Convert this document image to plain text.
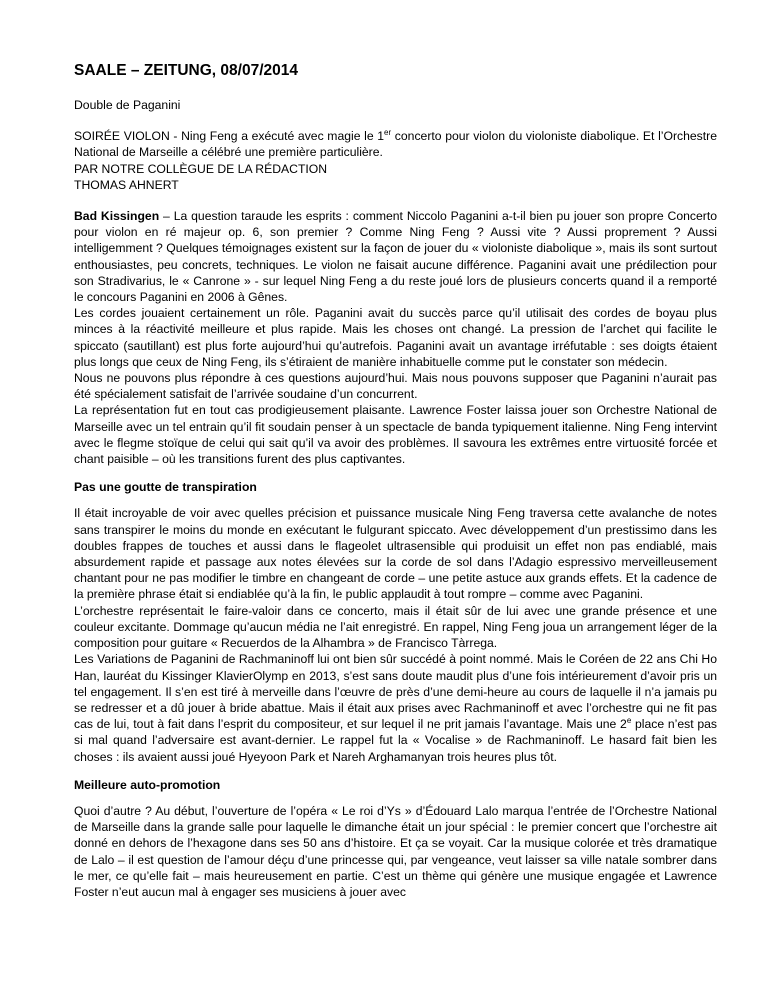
SAALE – ZEITUNG, 08/07/2014

Double de Paganini

SOIRÉE VIOLON - Ning Feng a exécuté avec magie le 1er concerto pour violon du violoniste diabolique. Et l’Orchestre National de Marseille a célébré une première particulière.

PAR NOTRE COLLÈGUE DE LA RÉDACTION

THOMAS AHNERT

Bad Kissingen – La question taraude les esprits : comment Niccolo Paganini a-t-il bien pu jouer son propre Concerto pour violon en ré majeur op. 6, son premier ? Comme Ning Feng ? Aussi vite ? Aussi proprement ? Aussi intelligemment ? Quelques témoignages existent sur la façon de jouer du « violoniste diabolique », mais ils sont surtout enthousiastes, peu concrets, techniques. Le violon ne faisait aucune différence. Paganini avait une prédilection pour son Stradivarius, le « Canrone » - sur lequel Ning Feng a du reste joué lors de plusieurs concerts quand il a remporté le concours Paganini en 2006 à Gênes.

Les cordes jouaient certainement un rôle. Paganini avait du succès parce qu’il utilisait des cordes de boyau plus minces à la réactivité meilleure et plus rapide. Mais les choses ont changé. La pression de l’archet qui facilite le spiccato (sautillant) est plus forte aujourd’hui qu’autrefois. Paganini avait un avantage irréfutable : ses doigts étaient plus longs que ceux de Ning Feng, ils s’étiraient de manière inhabituelle comme put le constater son médecin.

Nous ne pouvons plus répondre à ces questions aujourd’hui. Mais nous pouvons supposer que Paganini n’aurait pas été spécialement satisfait de l’arrivée soudaine d’un concurrent.

La représentation fut en tout cas prodigieusement plaisante. Lawrence Foster laissa jouer son Orchestre National de Marseille avec un tel entrain qu’il fit soudain penser à un spectacle de banda typiquement italienne. Ning Feng intervint avec le flegme stoïque de celui qui sait qu’il va avoir des problèmes. Il savoura les extrêmes entre virtuosité forcée et chant paisible – où les transitions furent des plus captivantes.

Pas une goutte de transpiration

Il était incroyable de voir avec quelles précision et puissance musicale Ning Feng traversa cette avalanche de notes sans transpirer le moins du monde en exécutant le fulgurant spiccato. Avec développement d’un prestissimo dans les doubles frappes de touches et aussi dans le flageolet ultrasensible qui produisit un effet non pas endiablé, mais absurdement rapide et passage aux notes élevées sur la corde de sol dans l’Adagio espressivo merveilleusement chantant pour ne pas modifier le timbre en changeant de corde – une petite astuce aux grands effets. Et la cadence de la première phrase était si endiablée qu’à la fin, le public applaudit à tout rompre – comme avec Paganini.

L’orchestre représentait le faire-valoir dans ce concerto, mais il était sûr de lui avec une grande présence et une couleur excitante. Dommage qu’aucun média ne l’ait enregistré. En rappel, Ning Feng joua un arrangement léger de la composition pour guitare « Recuerdos de la Alhambra » de Francisco Tàrrega.

Les Variations de Paganini de Rachmaninoff lui ont bien sûr succédé à point nommé. Mais le Coréen de 22 ans Chi Ho Han, lauréat du Kissinger KlavierOlymp en 2013, s’est sans doute maudit plus d’une fois intérieurement d’avoir pris un tel engagement. Il s’en est tiré à merveille dans l’œuvre de près d’une demi-heure au cours de laquelle il n’a jamais pu se redresser et a dû jouer à bride abattue. Mais il était aux prises avec Rachmaninoff et avec l’orchestre qui ne fit pas cas de lui, tout à fait dans l’esprit du compositeur, et sur lequel il ne prit jamais l’avantage. Mais une 2e place n’est pas si mal quand l’adversaire est avant-dernier. Le rappel fut la « Vocalise » de Rachmaninoff. Le hasard fait bien les choses : ils avaient aussi joué Hyeyoon Park et Nareh Arghamanyan trois heures plus tôt.

Meilleure auto-promotion

Quoi d’autre ? Au début, l’ouverture de l’opéra « Le roi d’Ys » d’Édouard Lalo marqua l’entrée de l’Orchestre National de Marseille dans la grande salle pour laquelle le dimanche était un jour spécial : le premier concert que l’orchestre ait donné en dehors de l’hexagone dans ses 50 ans d’histoire. Et ça se voyait. Car la musique colorée et très dramatique de Lalo – il est question de l’amour déçu d’une princesse qui, par vengeance, veut laisser sa ville natale sombrer dans le mer, ce qu’elle fait – mais heureusement en partie. C’est un thème qui génère une musique engagée et Lawrence Foster n’eut aucun mal à engager ses musiciens à jouer avec
